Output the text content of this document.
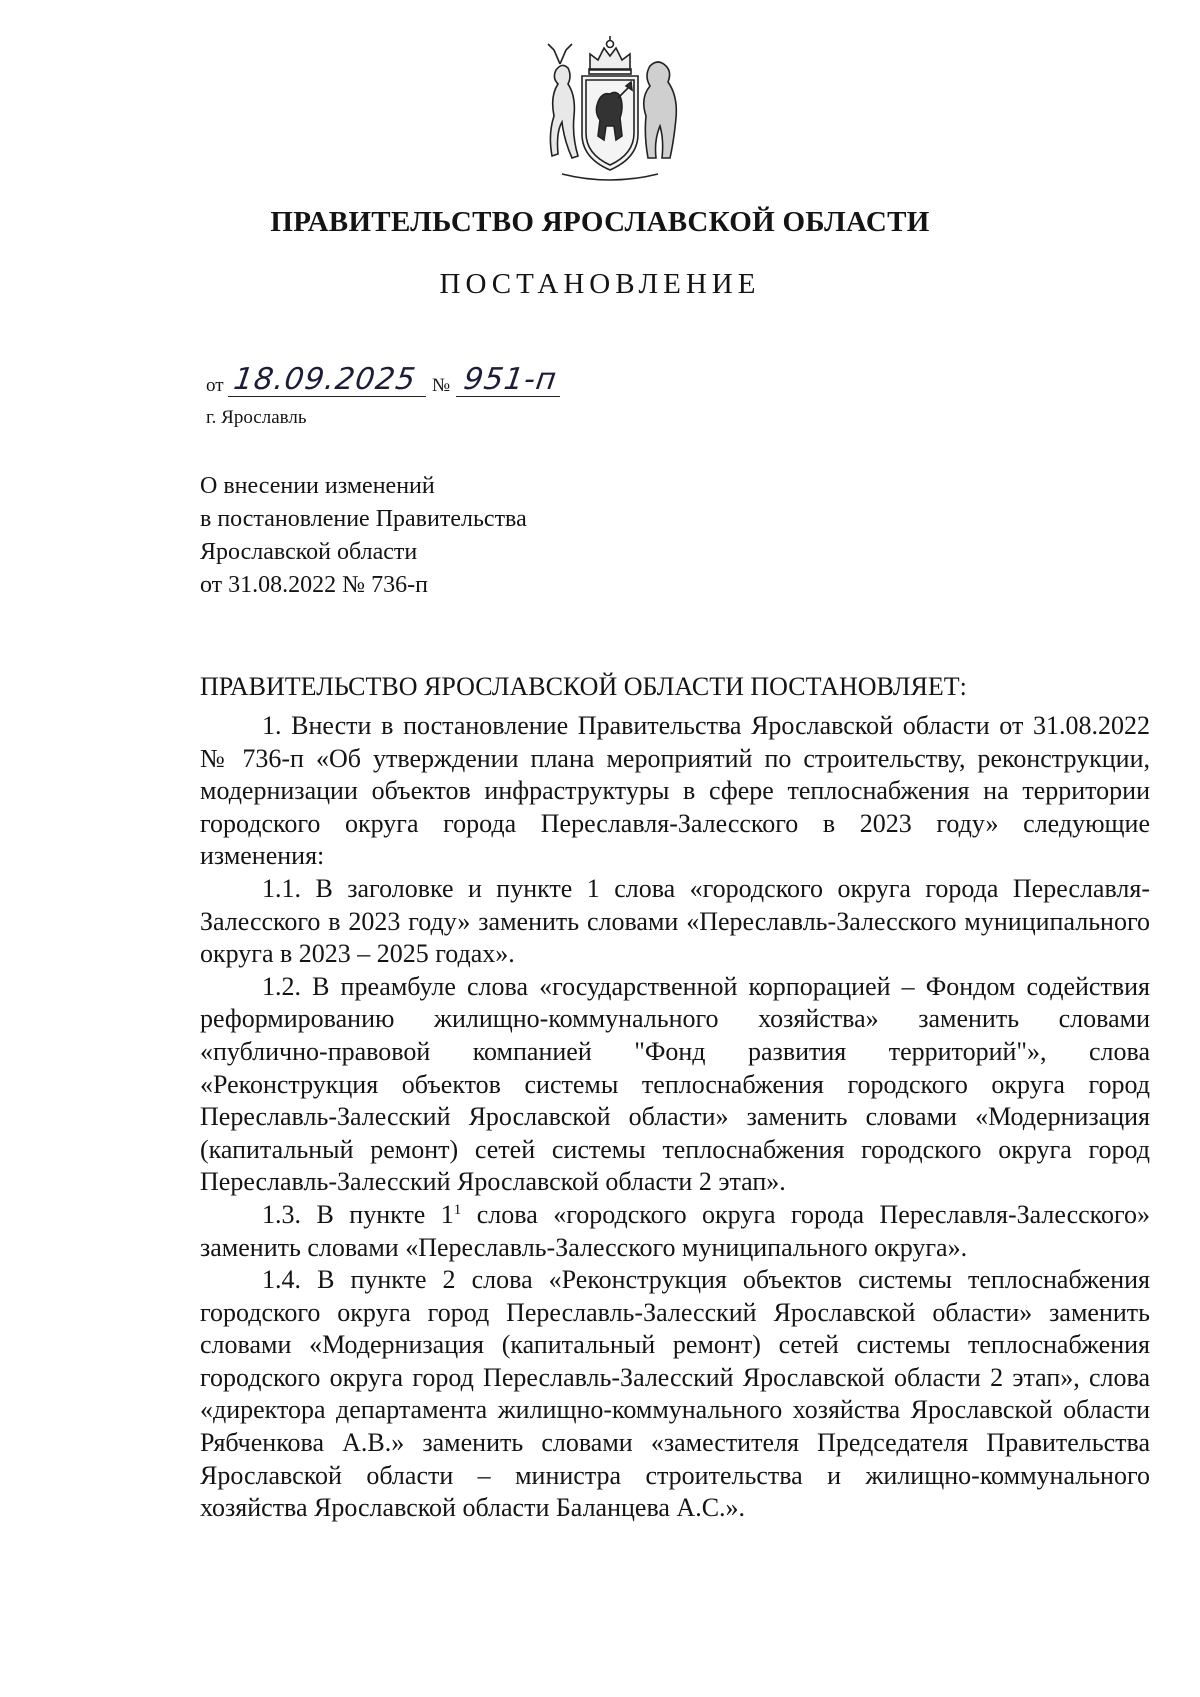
ПРАВИТЕЛЬСТВО ЯРОСЛАВСКОЙ ОБЛАСТИ
ПОСТАНОВЛЕНИЕ
от 18.09.2025 № 951-п
г. Ярославль
О внесении изменений
в постановление Правительства
Ярославской области
от 31.08.2022 № 736-п
ПРАВИТЕЛЬСТВО ЯРОСЛАВСКОЙ ОБЛАСТИ ПОСТАНОВЛЯЕТ:

1. Внести в постановление Правительства Ярославской области от 31.08.2022 № 736-п «Об утверждении плана мероприятий по строительству, реконструкции, модернизации объектов инфраструктуры в сфере теплоснабжения на территории городского округа города Переславля-Залесского в 2023 году» следующие изменения:

1.1. В заголовке и пункте 1 слова «городского округа города Переславля-Залесского в 2023 году» заменить словами «Переславль-Залесского муниципального округа в 2023 – 2025 годах».

1.2. В преамбуле слова «государственной корпорацией – Фондом содействия реформированию жилищно-коммунального хозяйства» заменить словами «публично-правовой компанией "Фонд развития территорий"», слова «Реконструкция объектов системы теплоснабжения городского округа город Переславль-Залесский Ярославской области» заменить словами «Модернизация (капитальный ремонт) сетей системы теплоснабжения городского округа город Переславль-Залесский Ярославской области 2 этап».

1.3. В пункте $1^1$ слова «городского округа города Переславля-Залесского» заменить словами «Переславль-Залесского муниципального округа».

1.4. В пункте 2 слова «Реконструкция объектов системы теплоснабжения городского округа город Переславль-Залесский Ярославской области» заменить словами «Модернизация (капитальный ремонт) сетей системы теплоснабжения городского округа город Переславль-Залесский Ярославской области 2 этап», слова «директора департамента жилищно-коммунального хозяйства Ярославской области Рябченкова А.В.» заменить словами «заместителя Председателя Правительства Ярославской области – министра строительства и жилищно-коммунального хозяйства Ярославской области Баланцева А.С.».
